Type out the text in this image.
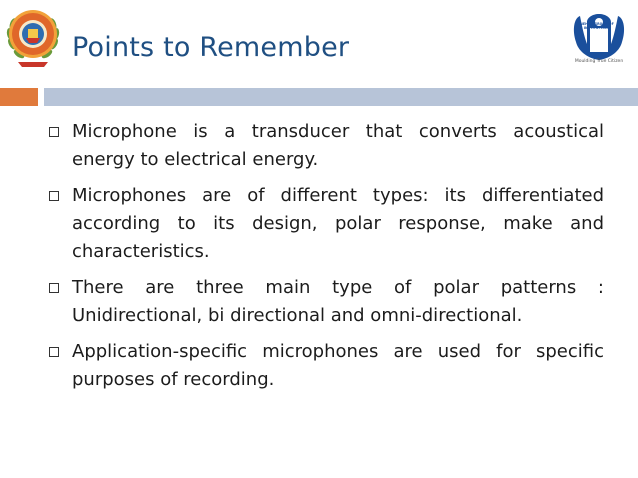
Points to Remember
NEHRU GROUP OF INSTITUTIONS
Moulding True Citizen
Microphone is a transducer that converts acoustical energy to electrical energy.
Microphones are of different types: its differentiated according to its design, polar response, make and characteristics.
There are three main type of polar patterns : Unidirectional, bi directional and omni-directional.
Application-specific microphones are used for specific purposes of recording.
